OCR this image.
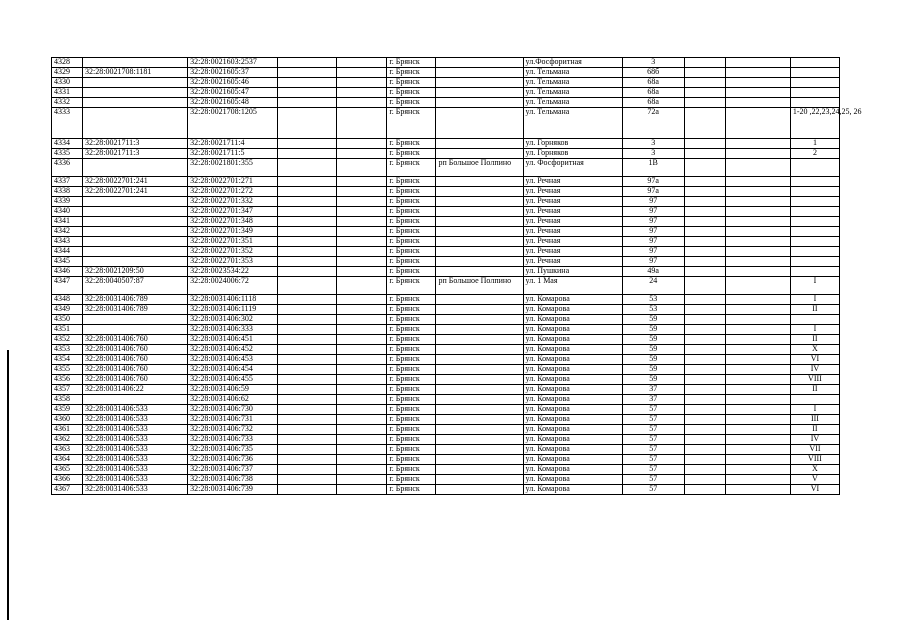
4328		32:28:0021603:2537			г. Брянск		ул.Фосфоритная	3			
4329	32:28:0021708:1181	32:28:0021605:37			г. Брянск		ул. Тельмана	68б			
4330		32:28:0021605:46			г. Брянск		ул. Тельмана	68а			
4331		32:28:0021605:47			г. Брянск		ул. Тельмана	68а			
4332		32:28:0021605:48			г. Брянск		ул. Тельмана	68а			
4333		32:28:0021708:1205			г. Брянск		ул. Тельмана	72а			1-20 ,22,23,24,25, 26
4334	32:28:0021711:3	32:28:0021711:4			г. Брянск		ул. Горняков	3			1
4335	32:28:0021711:3	32:28:0021711:5			г. Брянск		ул. Горняков	3			2
4336		32:28:0021801:355			г. Брянск	рп Большое Полпино	ул. Фосфоритная	1В			
4337	32:28:0022701:241	32:28:0022701:271			г. Брянск		ул. Речная	97а			
4338	32:28:0022701:241	32:28:0022701:272			г. Брянск		ул. Речная	97а			
4339		32:28:0022701:332			г. Брянск		ул. Речная	97			
4340		32:28:0022701:347			г. Брянск		ул. Речная	97			
4341		32:28:0022701:348			г. Брянск		ул. Речная	97			
4342		32:28:0022701:349			г. Брянск		ул. Речная	97			
4343		32:28:0022701:351			г. Брянск		ул. Речная	97			
4344		32:28:0022701:352			г. Брянск		ул. Речная	97			
4345		32:28:0022701:353			г. Брянск		ул. Речная	97			
4346	32:28:0021209:50	32:28:0023534:22			г. Брянск		ул. Пушкина	49а			
4347	32:28:0040507:87	32:28:0024006:72			г. Брянск	рп Большое Полпино	ул. 1 Мая	24			I
4348	32:28:0031406:789	32:28:0031406:1118			г. Брянск		ул. Комарова	53			I
4349	32:28:0031406:789	32:28:0031406:1119			г. Брянск		ул. Комарова	53			II
4350		32:28:0031406:302			г. Брянск		ул. Комарова	59			
4351		32:28:0031406:333			г. Брянск		ул. Комарова	59			I
4352	32:28:0031406:760	32:28:0031406:451			г. Брянск		ул. Комарова	59			II
4353	32:28:0031406:760	32:28:0031406:452			г. Брянск		ул. Комарова	59			X
4354	32:28:0031406:760	32:28:0031406:453			г. Брянск		ул. Комарова	59			VI
4355	32:28:0031406:760	32:28:0031406:454			г. Брянск		ул. Комарова	59			IV
4356	32:28:0031406:760	32:28:0031406:455			г. Брянск		ул. Комарова	59			VIII
4357	32:28:0031406:22	32:28:0031406:59			г. Брянск		ул. Комарова	37			II
4358		32:28:0031406:62			г. Брянск		ул. Комарова	37			
4359	32:28:0031406:533	32:28:0031406:730			г. Брянск		ул. Комарова	57			I
4360	32:28:0031406:533	32:28:0031406:731			г. Брянск		ул. Комарова	57			III
4361	32:28:0031406:533	32:28:0031406:732			г. Брянск		ул. Комарова	57			II
4362	32:28:0031406:533	32:28:0031406:733			г. Брянск		ул. Комарова	57			IV
4363	32:28:0031406:533	32:28:0031406:735			г. Брянск		ул. Комарова	57			VII
4364	32:28:0031406:533	32:28:0031406:736			г. Брянск		ул. Комарова	57			VIII
4365	32:28:0031406:533	32:28:0031406:737			г. Брянск		ул. Комарова	57			X
4366	32:28:0031406:533	32:28:0031406:738			г. Брянск		ул. Комарова	57			V
4367	32:28:0031406:533	32:28:0031406:739			г. Брянск		ул. Комарова	57			VI
